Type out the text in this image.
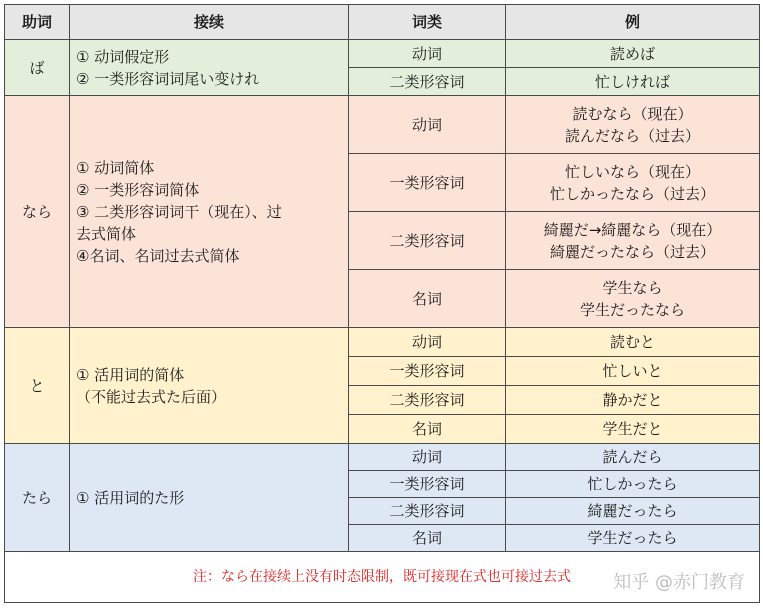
助词	接续	词类	例
ば	① 动词假定形
② 一类形容词词尾い变けれ	动词	読めば
		二类形容词	忙しければ
なら	① 动词简体
② 一类形容词简体
③ 二类形容词词干（现在）、过
去式简体
④名词、名词过去式简体	动词	読むなら（现在）
読んだなら（过去）

		一类形容词	忙しいなら（现在）
忙しかったなら（过去）

		二类形容词	綺麗だ→綺麗なら（现在）
綺麗だったなら（过去）

		名词	学生なら
学生だったなら

と	① 活用词的简体
（不能过去式た后面）	动词	読むと
		一类形容词	忙しいと
		二类形容词	静かだと
		名词	学生だと
たら	① 活用词的た形	动词	読んだら
		一类形容词	忙しかったら
		二类形容词	綺麗だったら
		名词	学生だったら
注：なら在接续上没有时态限制，既可接现在式也可接过去式			知乎 @赤门教育
